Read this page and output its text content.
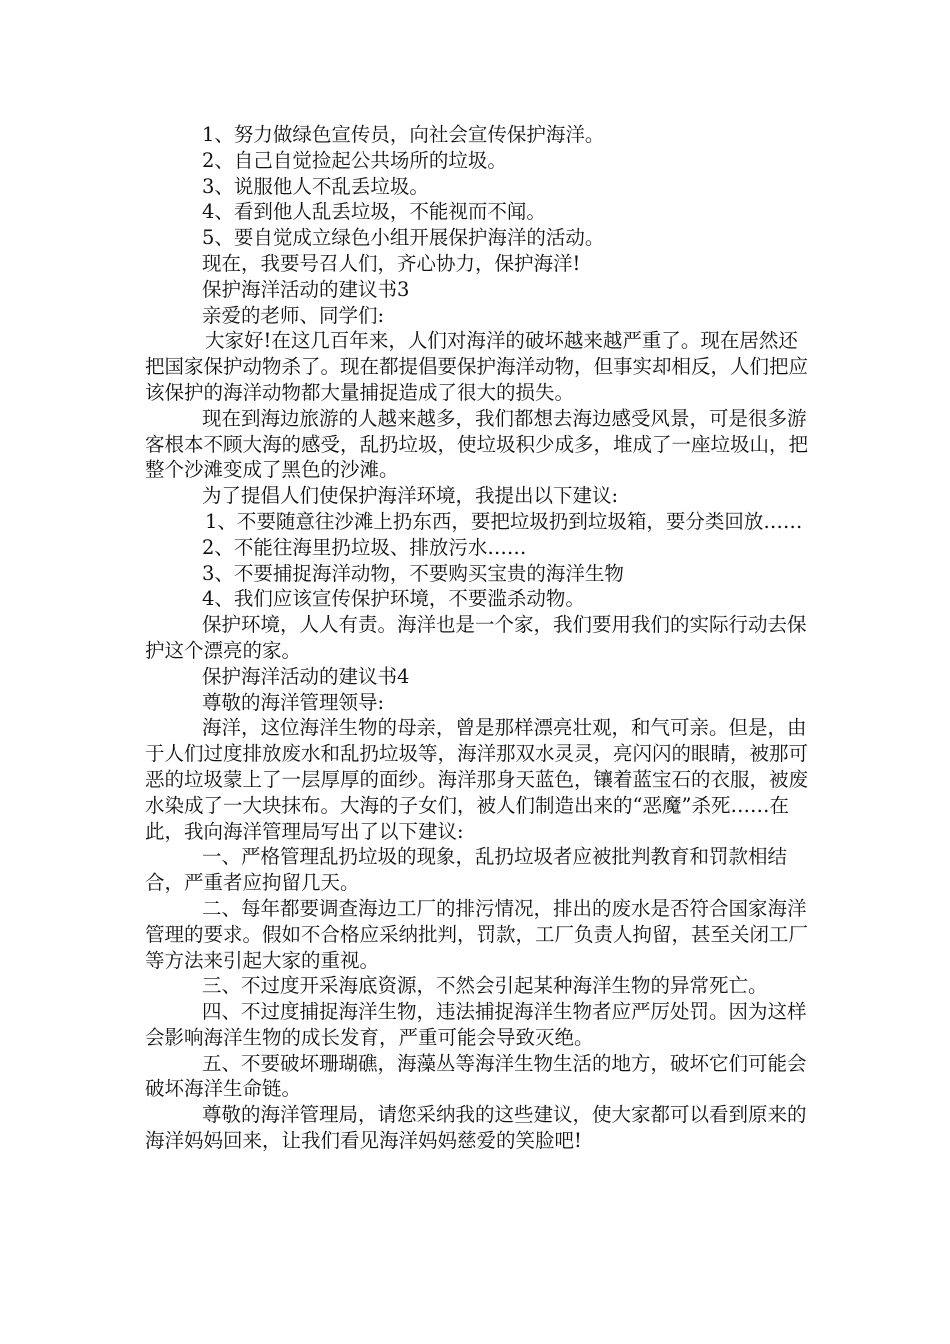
1、努力做绿色宣传员，向社会宣传保护海洋。

2、自己自觉捡起公共场所的垃圾。

3、说服他人不乱丢垃圾。

4、看到他人乱丢垃圾，不能视而不闻。

5、要自觉成立绿色小组开展保护海洋的活动。

现在，我要号召人们，齐心协力，保护海洋!

保护海洋活动的建议书3

亲爱的老师、同学们:

大家好!在这几百年来，人们对海洋的破坏越来越严重了。现在居然还把国家保护动物杀了。现在都提倡要保护海洋动物，但事实却相反，人们把应该保护的海洋动物都大量捕捉造成了很大的损失。

现在到海边旅游的人越来越多，我们都想去海边感受风景，可是很多游客根本不顾大海的感受，乱扔垃圾，使垃圾积少成多，堆成了一座垃圾山，把整个沙滩变成了黑色的沙滩。

为了提倡人们使保护海洋环境，我提出以下建议:

1、不要随意往沙滩上扔东西，要把垃圾扔到垃圾箱，要分类回放……

2、不能往海里扔垃圾、排放污水……

3、不要捕捉海洋动物，不要购买宝贵的海洋生物

4、我们应该宣传保护环境，不要滥杀动物。

保护环境，人人有责。海洋也是一个家，我们要用我们的实际行动去保护这个漂亮的家。

保护海洋活动的建议书4

尊敬的海洋管理领导:

海洋，这位海洋生物的母亲，曾是那样漂亮壮观，和气可亲。但是，由于人们过度排放废水和乱扔垃圾等，海洋那双水灵灵，亮闪闪的眼睛，被那可恶的垃圾蒙上了一层厚厚的面纱。海洋那身天蓝色，镶着蓝宝石的衣服，被废水染成了一大块抹布。大海的子女们，被人们制造出来的“恶魔”杀死……在此，我向海洋管理局写出了以下建议:

一、严格管理乱扔垃圾的现象，乱扔垃圾者应被批判教育和罚款相结合，严重者应拘留几天。

二、每年都要调查海边工厂的排污情况，排出的废水是否符合国家海洋管理的要求。假如不合格应采纳批判，罚款，工厂负责人拘留，甚至关闭工厂等方法来引起大家的重视。

三、不过度开采海底资源，不然会引起某种海洋生物的异常死亡。

四、不过度捕捉海洋生物，违法捕捉海洋生物者应严厉处罚。因为这样会影响海洋生物的成长发育，严重可能会导致灭绝。

五、不要破坏珊瑚礁，海藻丛等海洋生物生活的地方，破坏它们可能会破坏海洋生命链。

尊敬的海洋管理局，请您采纳我的这些建议，使大家都可以看到原来的海洋妈妈回来，让我们看见海洋妈妈慈爱的笑脸吧!
